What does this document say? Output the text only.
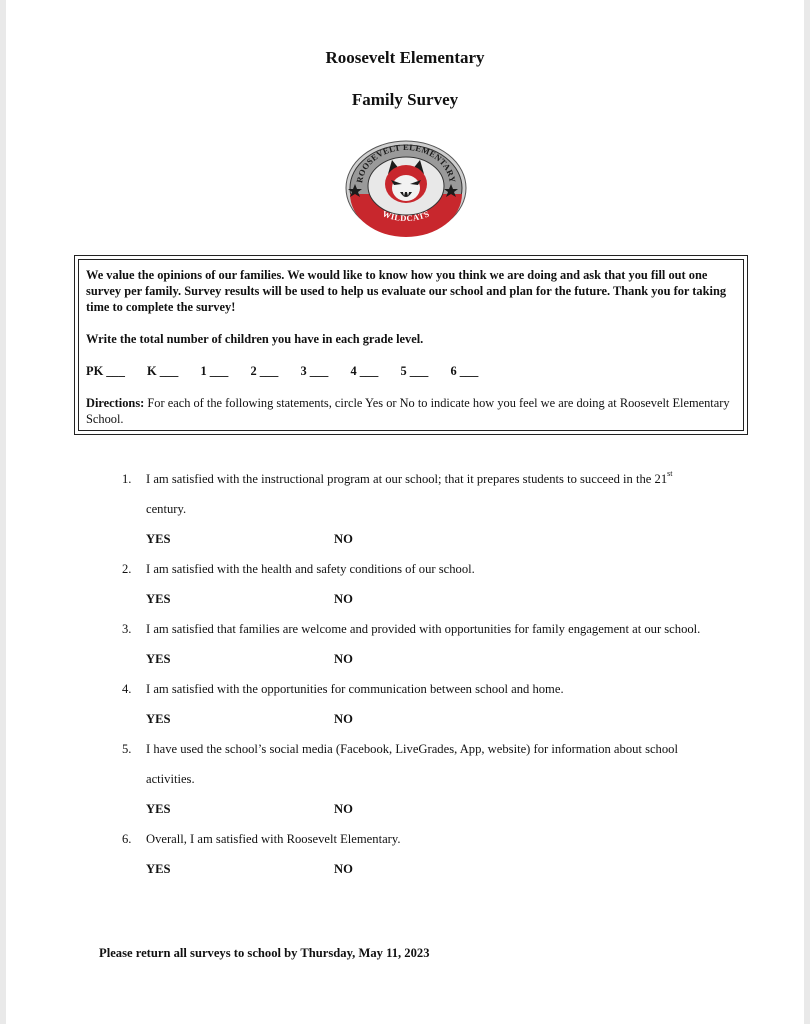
Roosevelt Elementary
Family Survey
ROOSEVELT ELEMENTARY
WILDCATS

We value the opinions of our families. We would like to know how you think we are doing and ask that you fill out one survey per family. Survey results will be used to help us evaluate our school and plan for the future. Thank you for taking time to complete the survey!

Write the total number of children you have in each grade level.

PK ___ K ___ 1 ___ 2 ___ 3 ___ 4 ___ 5 ___ 6 ___

Directions: For each of the following statements, circle Yes or No to indicate how you feel we are doing at Roosevelt Elementary School.

1.	I am satisfied with the instructional program at our school; that it prepares students to succeed in the 21st
century.
YES	NO
2.	I am satisfied with the health and safety conditions of our school.
YES	NO
3.	I am satisfied that families are welcome and provided with opportunities for family engagement at our school.
YES	NO
4.	I am satisfied with the opportunities for communication between school and home.
YES	NO
5.	I have used the school’s social media (Facebook, LiveGrades, App, website) for information about school activities.
YES	NO
6.	Overall, I am satisfied with Roosevelt Elementary.
YES	NO
Please return all surveys to school by Thursday, May 11, 2023
